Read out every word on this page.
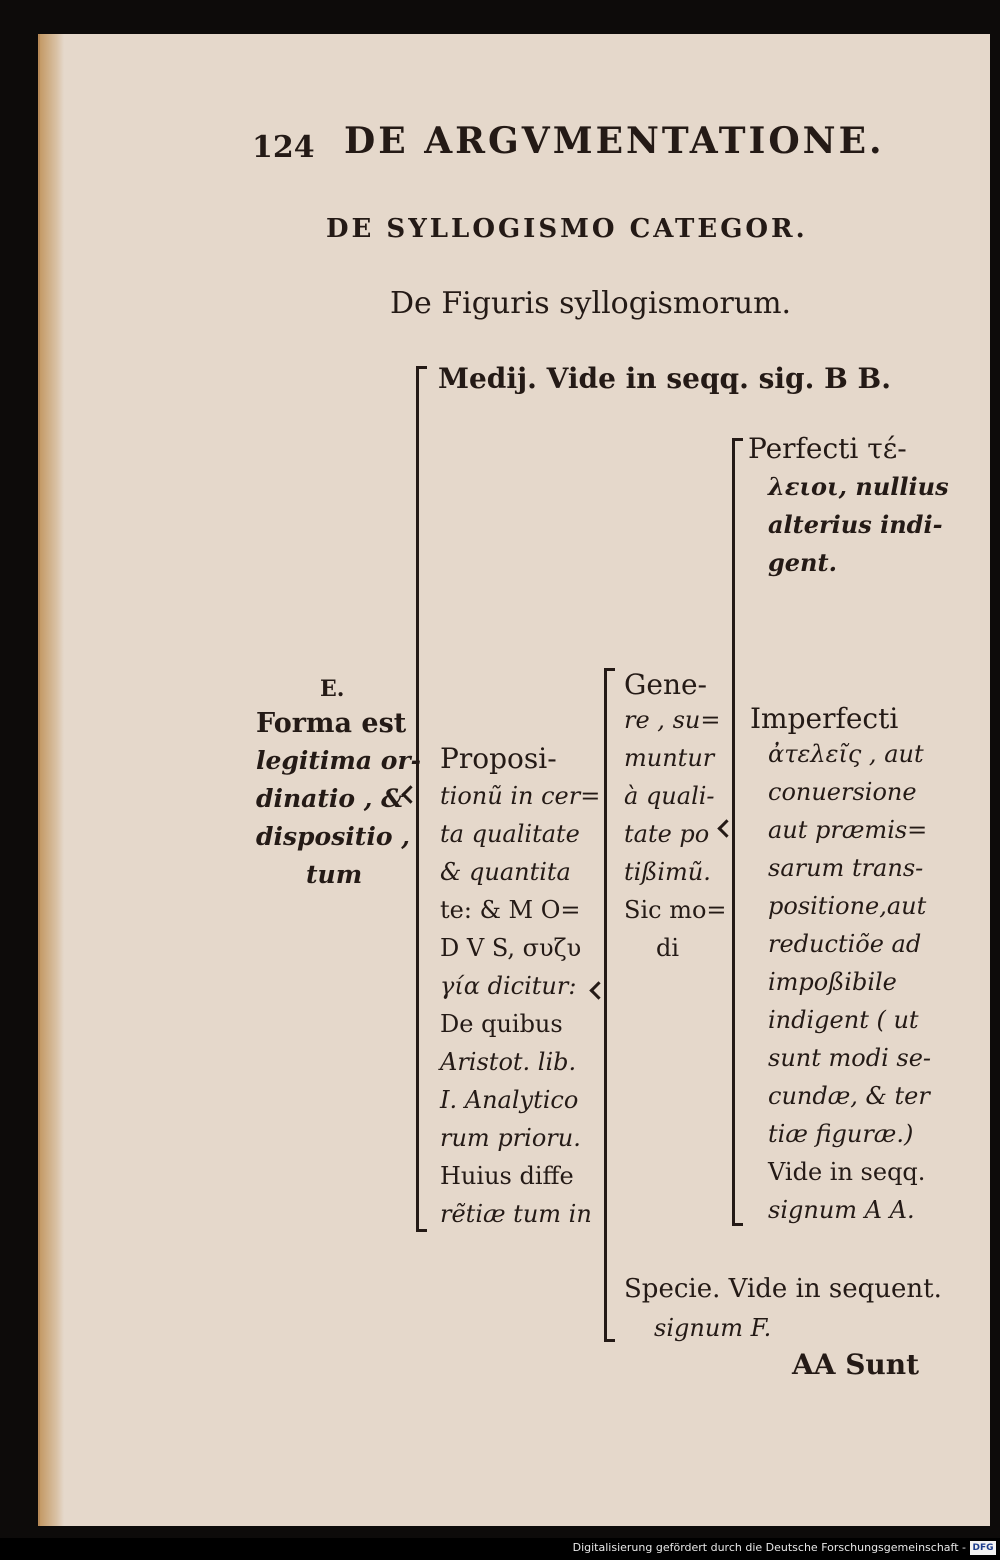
124 DE ARGVMENTATIONE.
DE SYLLOGISMO CATEGOR.
De Figuris syllogismorum.
E.
Forma est
legitima or-
dinatio , &
dispositio ,
tum
Medij. Vide in seqq. sig. B B.
Proposi-
tionũ in cer=
ta qualitate
& quantita
te: & M O=
D V S, συζυ
γία dicitur:
De quibus
Aristot. lib.
I. Analytico
rum prioru.
Huius diffe
rẽtiæ tum in
Gene-
re , su=
muntur
à quali-
tate po
tißimũ.
Sic mo=
di
Perfecti τέ-
λειοι, nullius
alterius indi-
gent.
Imperfecti
ἀτελεῖς , aut
conuersione
aut præmis=
sarum trans-
positione,aut
reductiõe ad
impoßibile
indigent ( ut
sunt modi se-
cundæ, & ter
tiæ figuræ.)
Vide in seqq.
signum A A.
Specie. Vide in sequent.
signum F.
AA Sunt
Digitalisierung gefördert durch die Deutsche Forschungsgemeinschaft - DFG
